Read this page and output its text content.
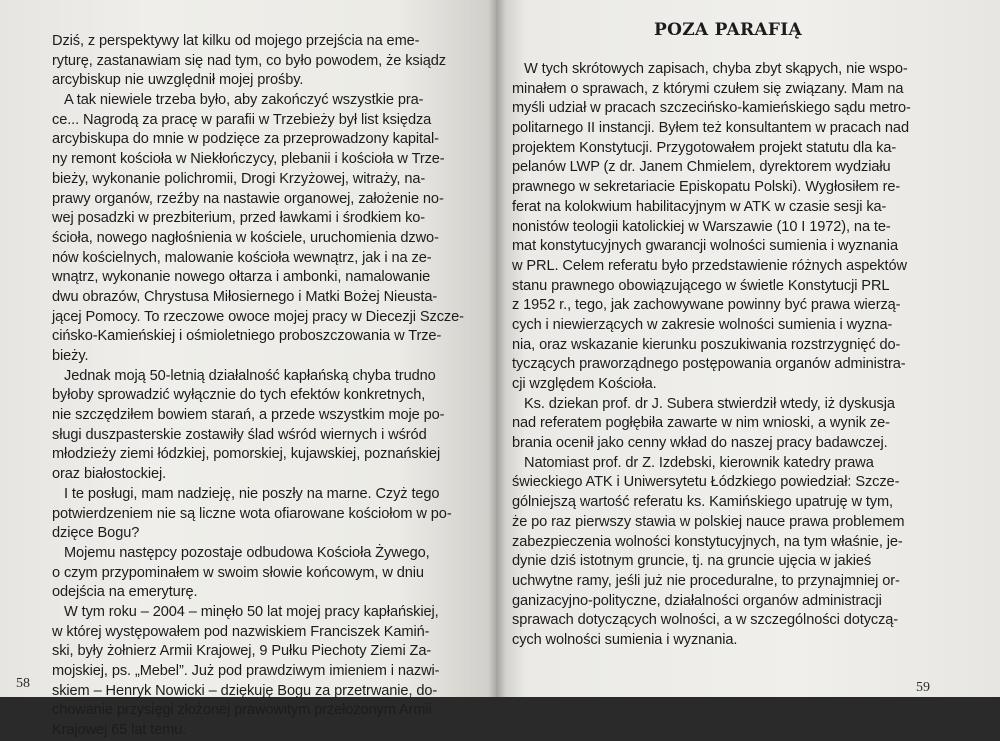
Dziś, z perspektywy lat kilku od mojego przejścia na eme-
ryturę, zastanawiam się nad tym, co było powodem, że ksiądz
arcybiskup nie uwzględnił mojej prośby.
A tak niewiele trzeba było, aby zakończyć wszystkie pra-
ce... Nagrodą za pracę w parafii w Trzebieży był list księdza
arcybiskupa do mnie w podzięce za przeprowadzony kapital-
ny remont kościoła w Niekłończycy, plebanii i kościoła w Trze-
bieży, wykonanie polichromii, Drogi Krzyżowej, witraży, na-
prawy organów, rzeźby na nastawie organowej, założenie no-
wej posadzki w prezbiterium, przed ławkami i środkiem ko-
ścioła, nowego nagłośnienia w kościele, uruchomienia dzwo-
nów kościelnych, malowanie kościoła wewnątrz, jak i na ze-
wnątrz, wykonanie nowego ołtarza i ambonki, namalowanie
dwu obrazów, Chrystusa Miłosiernego i Matki Bożej Nieusta-
jącej Pomocy. To rzeczowe owoce mojej pracy w Diecezji Szcze-
cińsko-Kamieńskiej i ośmioletniego proboszczowania w Trze-
bieży.
Jednak moją 50-letnią działalność kapłańską chyba trudno
byłoby sprowadzić wyłącznie do tych efektów konkretnych,
nie szczędziłem bowiem starań, a przede wszystkim moje po-
sługi duszpasterskie zostawiły ślad wśród wiernych i wśród
młodzieży ziemi łódzkiej, pomorskiej, kujawskiej, poznańskiej
oraz białostockiej.
I te posługi, mam nadzieję, nie poszły na marne. Czyż tego
potwierdzeniem nie są liczne wota ofiarowane kościołom w po-
dzięce Bogu?
Mojemu następcy pozostaje odbudowa Kościoła Żywego,
o czym przypominałem w swoim słowie końcowym, w dniu
odejścia na emeryturę.
W tym roku – 2004 – minęło 50 lat mojej pracy kapłańskiej,
w której występowałem pod nazwiskiem Franciszek Kamiń-
ski, były żołnierz Armii Krajowej, 9 Pułku Piechoty Ziemi Za-
mojskiej, ps. „Mebel”. Już pod prawdziwym imieniem i nazwi-
skiem – Henryk Nowicki – dziękuję Bogu za przetrwanie, do-
chowanie przysięgi złożonej prawowitym przełożonym Armii
Krajowej 65 lat temu.
58
POZA PARAFIĄ
W tych skrótowych zapisach, chyba zbyt skąpych, nie wspo-
minałem o sprawach, z którymi czułem się związany. Mam na
myśli udział w pracach szczecińsko-kamieńskiego sądu metro-
politarnego II instancji. Byłem też konsultantem w pracach nad
projektem Konstytucji. Przygotowałem projekt statutu dla ka-
pelanów LWP (z dr. Janem Chmielem, dyrektorem wydziału
prawnego w sekretariacie Episkopatu Polski). Wygłosiłem re-
ferat na kolokwium habilitacyjnym w ATK w czasie sesji ka-
nonistów teologii katolickiej w Warszawie (10 I 1972), na te-
mat konstytucyjnych gwarancji wolności sumienia i wyznania
w PRL. Celem referatu było przedstawienie różnych aspektów
stanu prawnego obowiązującego w świetle Konstytucji PRL
z 1952 r., tego, jak zachowywane powinny być prawa wierzą-
cych i niewierzących w zakresie wolności sumienia i wyzna-
nia, oraz wskazanie kierunku poszukiwania rozstrzygnięć do-
tyczących praworządnego postępowania organów administra-
cji względem Kościoła.
Ks. dziekan prof. dr J. Subera stwierdził wtedy, iż dyskusja
nad referatem pogłębiła zawarte w nim wnioski, a wynik ze-
brania ocenił jako cenny wkład do naszej pracy badawczej.
Natomiast prof. dr Z. Izdebski, kierownik katedry prawa
świeckiego ATK i Uniwersytetu Łódzkiego powiedział: Szcze-
gólniejszą wartość referatu ks. Kamińskiego upatruję w tym,
że po raz pierwszy stawia w polskiej nauce prawa problemem
zabezpieczenia wolności konstytucyjnych, na tym właśnie, je-
dynie dziś istotnym gruncie, tj. na gruncie ujęcia w jakieś
uchwytne ramy, jeśli już nie proceduralne, to przynajmniej or-
ganizacyjno-polityczne, działalności organów administracji
sprawach dotyczących wolności, a w szczególności dotyczą-
cych wolności sumienia i wyznania.
59
